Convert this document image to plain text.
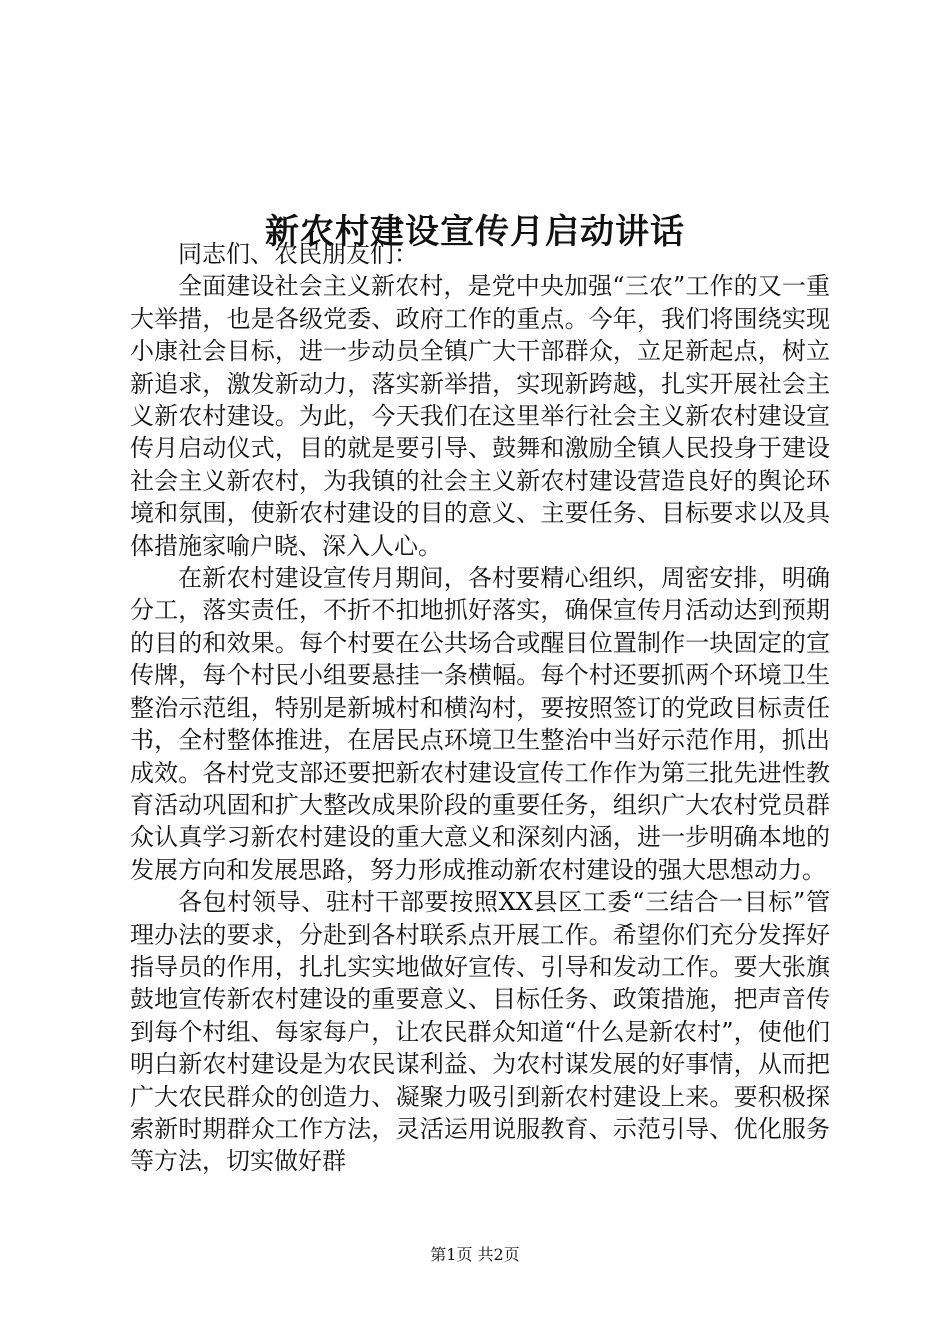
新农村建设宣传月启动讲话

同志们、农民朋友们：

全面建设社会主义新农村，是党中央加强“三农”工作的又一重大举措，也是各级党委、政府工作的重点。今年，我们将围绕实现小康社会目标，进一步动员全镇广大干部群众，立足新起点，树立新追求，激发新动力，落实新举措，实现新跨越，扎实开展社会主义新农村建设。为此，今天我们在这里举行社会主义新农村建设宣传月启动仪式，目的就是要引导、鼓舞和激励全镇人民投身于建设社会主义新农村，为我镇的社会主义新农村建设营造良好的舆论环境和氛围，使新农村建设的目的意义、主要任务、目标要求以及具体措施家喻户晓、深入人心。

在新农村建设宣传月期间，各村要精心组织，周密安排，明确分工，落实责任，不折不扣地抓好落实，确保宣传月活动达到预期的目的和效果。每个村要在公共场合或醒目位置制作一块固定的宣传牌，每个村民小组要悬挂一条横幅。每个村还要抓两个环境卫生整治示范组，特别是新城村和横沟村，要按照签订的党政目标责任书，全村整体推进，在居民点环境卫生整治中当好示范作用，抓出成效。各村党支部还要把新农村建设宣传工作作为第三批先进性教育活动巩固和扩大整改成果阶段的重要任务，组织广大农村党员群众认真学习新农村建设的重大意义和深刻内涵，进一步明确本地的发展方向和发展思路，努力形成推动新农村建设的强大思想动力。

各包村领导、驻村干部要按照XX县区工委“三结合一目标”管理办法的要求，分赴到各村联系点开展工作。希望你们充分发挥好指导员的作用，扎扎实实地做好宣传、引导和发动工作。要大张旗鼓地宣传新农村建设的重要意义、目标任务、政策措施，把声音传到每个村组、每家每户，让农民群众知道“什么是新农村”，使他们明白新农村建设是为农民谋利益、为农村谋发展的好事情，从而把广大农民群众的创造力、凝聚力吸引到新农村建设上来。要积极探索新时期群众工作方法，灵活运用说服教育、示范引导、优化服务等方法，切实做好群

第1页 共2页
